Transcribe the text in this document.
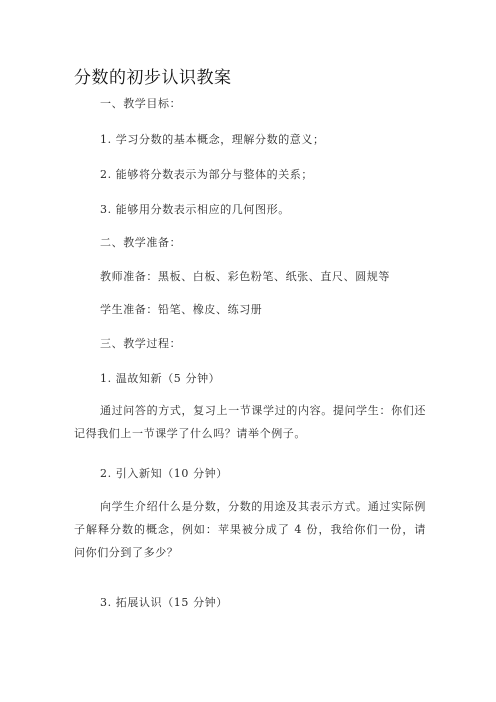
分数的初步认识教案

一、教学目标：

1. 学习分数的基本概念，理解分数的意义；

2. 能够将分数表示为部分与整体的关系；

3. 能够用分数表示相应的几何图形。

二、教学准备：

教师准备：黑板、白板、彩色粉笔、纸张、直尺、圆规等

学生准备：铅笔、橡皮、练习册

三、教学过程：

1. 温故知新（5 分钟）

通过问答的方式，复习上一节课学过的内容。提问学生：你们还记得我们上一节课学了什么吗？请举个例子。

2. 引入新知（10 分钟）

向学生介绍什么是分数，分数的用途及其表示方式。通过实际例子解释分数的概念，例如：苹果被分成了 4 份，我给你们一份，请问你们分到了多少？

3. 拓展认识（15 分钟）
